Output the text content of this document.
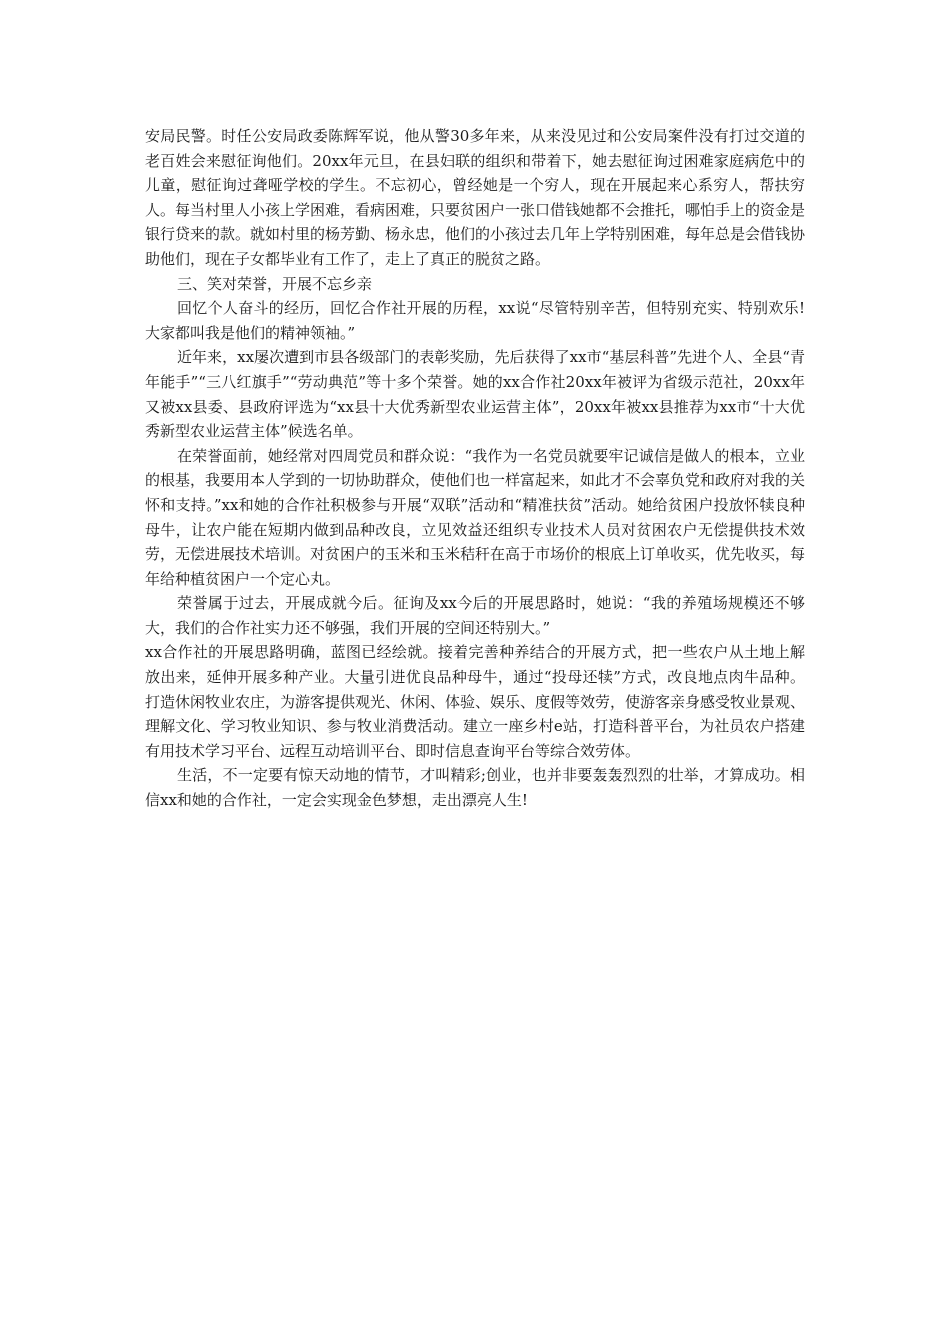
安局民警。时任公安局政委陈辉军说，他从警30多年来，从来没见过和公安局案件没有打过交道的老百姓会来慰征询他们。20xx年元旦，在县妇联的组织和带着下，她去慰征询过困难家庭病危中的儿童，慰征询过聋哑学校的学生。不忘初心，曾经她是一个穷人，现在开展起来心系穷人，帮扶穷人。每当村里人小孩上学困难，看病困难，只要贫困户一张口借钱她都不会推托，哪怕手上的资金是银行贷来的款。就如村里的杨芳勤、杨永忠，他们的小孩过去几年上学特别困难，每年总是会借钱协助他们，现在子女都毕业有工作了，走上了真正的脱贫之路。

三、笑对荣誉，开展不忘乡亲

回忆个人奋斗的经历，回忆合作社开展的历程，xx说“尽管特别辛苦，但特别充实、特别欢乐!大家都叫我是他们的精神领袖。”

近年来，xx屡次遭到市县各级部门的表彰奖励，先后获得了xx市“基层科普”先进个人、全县“青年能手”“三八红旗手”“劳动典范”等十多个荣誉。她的xx合作社20xx年被评为省级示范社，20xx年又被xx县委、县政府评选为“xx县十大优秀新型农业运营主体”，20xx年被xx县推荐为xx市“十大优秀新型农业运营主体”候选名单。

在荣誉面前，她经常对四周党员和群众说：“我作为一名党员就要牢记诚信是做人的根本，立业的根基，我要用本人学到的一切协助群众，使他们也一样富起来，如此才不会辜负党和政府对我的关怀和支持。”xx和她的合作社积极参与开展“双联”活动和“精准扶贫”活动。她给贫困户投放怀犊良种母牛，让农户能在短期内做到品种改良，立见效益还组织专业技术人员对贫困农户无偿提供技术效劳，无偿进展技术培训。对贫困户的玉米和玉米秸秆在高于市场价的根底上订单收买，优先收买，每年给种植贫困户一个定心丸。

荣誉属于过去，开展成就今后。征询及xx今后的开展思路时，她说：“我的养殖场规模还不够大，我们的合作社实力还不够强，我们开展的空间还特别大。”

xx合作社的开展思路明确，蓝图已经绘就。接着完善种养结合的开展方式，把一些农户从土地上解放出来，延伸开展多种产业。大量引进优良品种母牛，通过“投母还犊”方式，改良地点肉牛品种。打造休闲牧业农庄，为游客提供观光、休闲、体验、娱乐、度假等效劳，使游客亲身感受牧业景观、理解文化、学习牧业知识、参与牧业消费活动。建立一座乡村e站，打造科普平台，为社员农户搭建有用技术学习平台、远程互动培训平台、即时信息查询平台等综合效劳体。

生活，不一定要有惊天动地的情节，才叫精彩;创业，也并非要轰轰烈烈的壮举，才算成功。相信xx和她的合作社，一定会实现金色梦想，走出漂亮人生!
